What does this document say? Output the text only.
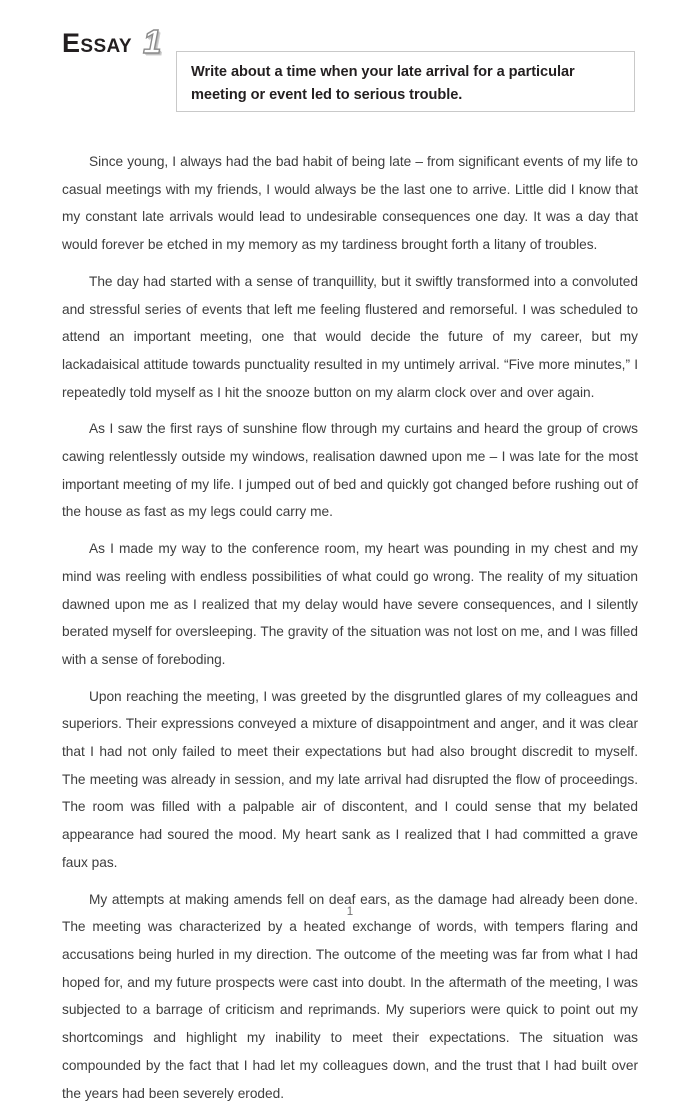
Essay 1

Write about a time when your late arrival for a particular meeting or event led to serious trouble.

Since young, I always had the bad habit of being late – from significant events of my life to casual meetings with my friends, I would always be the last one to arrive. Little did I know that my constant late arrivals would lead to undesirable consequences one day. It was a day that would forever be etched in my memory as my tardiness brought forth a litany of troubles.

The day had started with a sense of tranquillity, but it swiftly transformed into a convoluted and stressful series of events that left me feeling flustered and remorseful. I was scheduled to attend an important meeting, one that would decide the future of my career, but my lackadaisical attitude towards punctuality resulted in my untimely arrival. “Five more minutes,” I repeatedly told myself as I hit the snooze button on my alarm clock over and over again.

As I saw the first rays of sunshine flow through my curtains and heard the group of crows cawing relentlessly outside my windows, realisation dawned upon me – I was late for the most important meeting of my life. I jumped out of bed and quickly got changed before rushing out of the house as fast as my legs could carry me.

As I made my way to the conference room, my heart was pounding in my chest and my mind was reeling with endless possibilities of what could go wrong. The reality of my situation dawned upon me as I realized that my delay would have severe consequences, and I silently berated myself for oversleeping. The gravity of the situation was not lost on me, and I was filled with a sense of foreboding.

Upon reaching the meeting, I was greeted by the disgruntled glares of my colleagues and superiors. Their expressions conveyed a mixture of disappointment and anger, and it was clear that I had not only failed to meet their expectations but had also brought discredit to myself. The meeting was already in session, and my late arrival had disrupted the flow of proceedings. The room was filled with a palpable air of discontent, and I could sense that my belated appearance had soured the mood. My heart sank as I realized that I had committed a grave faux pas.

My attempts at making amends fell on deaf ears, as the damage had already been done. The meeting was characterized by a heated exchange of words, with tempers flaring and accusations being hurled in my direction. The outcome of the meeting was far from what I had hoped for, and my future prospects were cast into doubt. In the aftermath of the meeting, I was subjected to a barrage of criticism and reprimands. My superiors were quick to point out my shortcomings and highlight my inability to meet their expectations. The situation was compounded by the fact that I had let my colleagues down, and the trust that I had built over the years had been severely eroded.

1
